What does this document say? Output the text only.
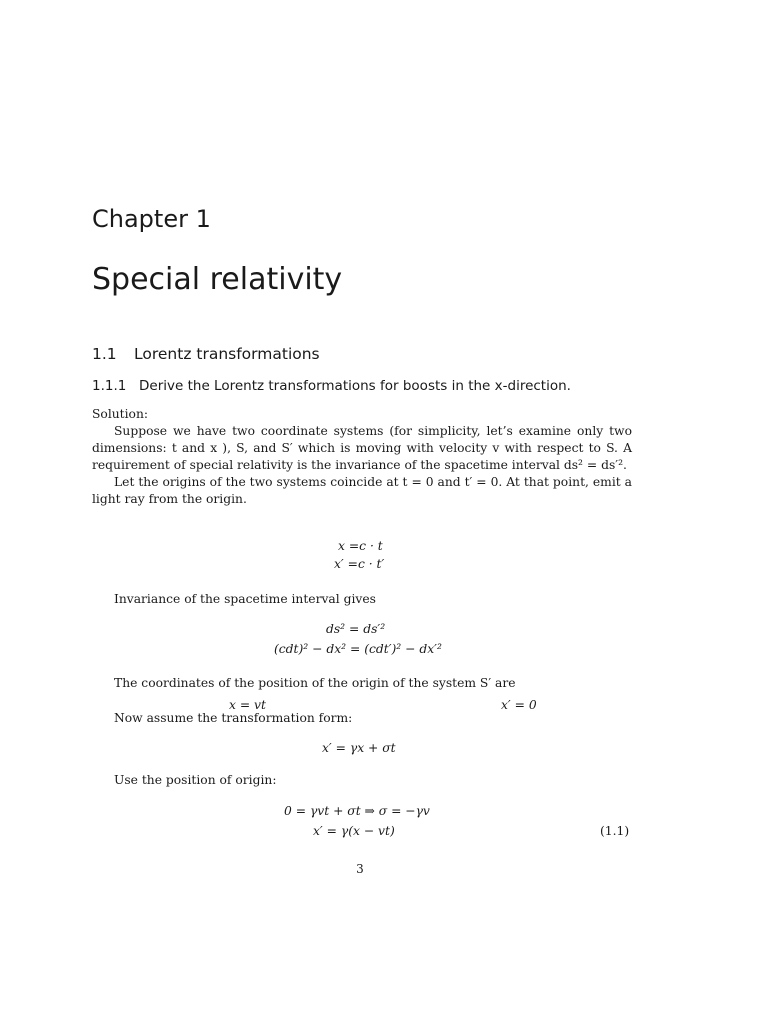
Chapter 1
Special relativity
1.1 Lorentz transformations
1.1.1 Derive the Lorentz transformations for boosts in the x-direction.
Solution:
Suppose we have two coordinate systems (for simplicity, let’s examine only two dimensions: t and x ), S, and S′ which is moving with velocity v with respect to S. A requirement of special relativity is the invariance of the spacetime interval ds² = ds′².
Let the origins of the two systems coincide at t = 0 and t′ = 0. At that point, emit a light ray from the origin.
x =c · t
x′ =c · t′
Invariance of the spacetime interval gives
ds² = ds′²
(cdt)² − dx² = (cdt′)² − dx′²
The coordinates of the position of the origin of the system S′ are
x = vt	x′ = 0
Now assume the transformation form:
x′ = γx + σt
Use the position of origin:
0 = γvt + σt ⇒ σ = −γv
x′ = γ(x − vt)	(1.1)
3
